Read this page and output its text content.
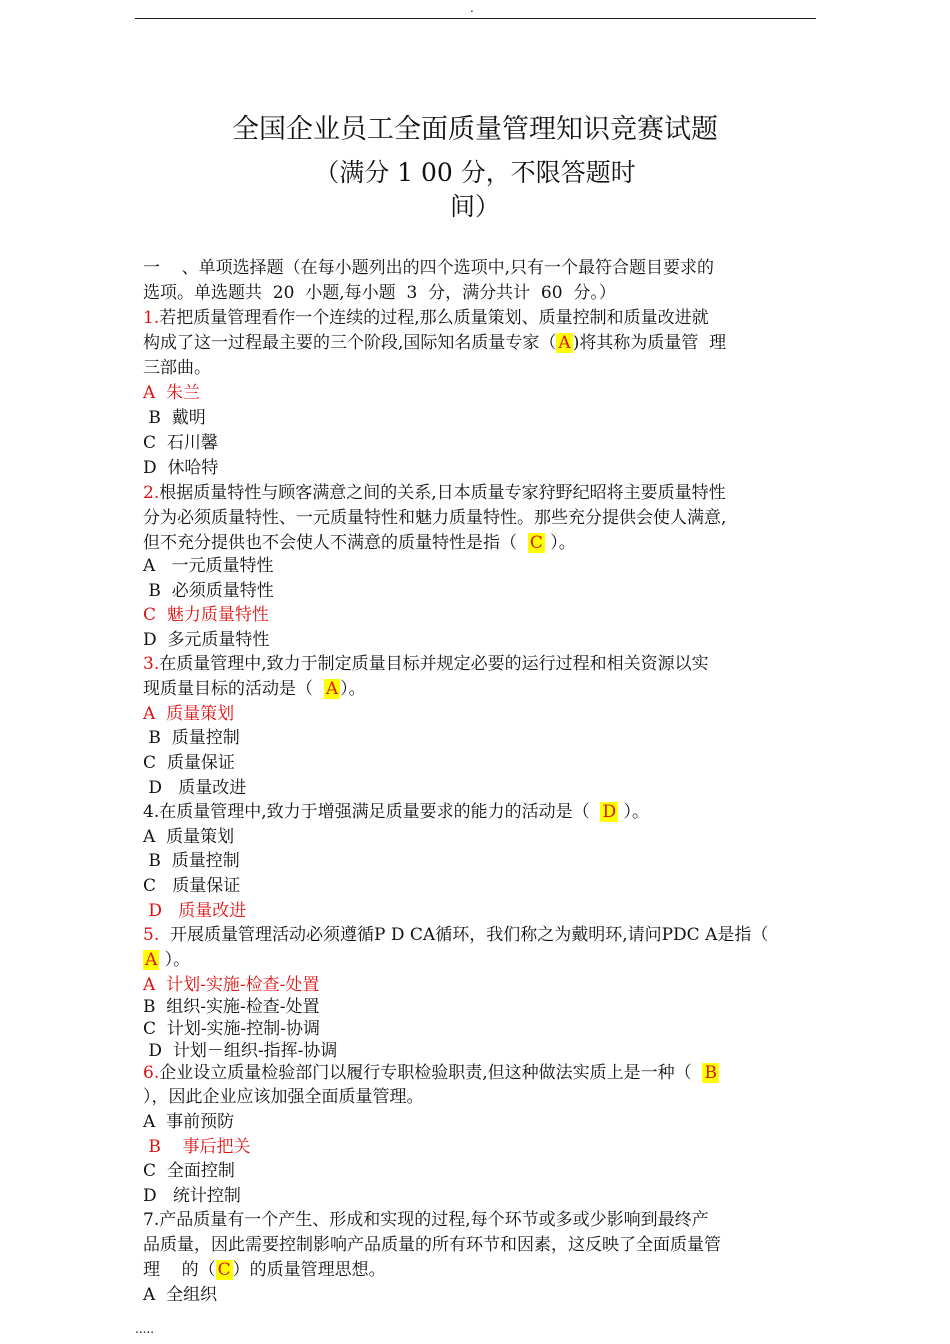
.
全国企业员工全面质量管理知识竞赛试题
（满分 1 00 分，不限答题时
间）
一    、单项选择题（在每小题列出的四个选项中,只有一个最符合题目要求的
选项。单选题共  20  小题,每小题  3  分，满分共计  60  分。）
1.若把质量管理看作一个连续的过程,那么质量策划、质量控制和质量改进就
构成了这一过程最主要的三个阶段,国际知名质量专家（ A )将其称为质量管  理
三部曲。
A  朱兰
B  戴明
C  石川馨
D  休哈特
2.根据质量特性与顾客满意之间的关系,日本质量专家狩野纪昭将主要质量特性
分为必须质量特性、一元质量特性和魅力质量特性。那些充分提供会使人满意,
但不充分提供也不会使人不满意的质量特性是指（  C ）。
A   一元质量特性
B  必须质量特性
C  魅力质量特性
D  多元质量特性
3.在质量管理中,致力于制定质量目标并规定必要的运行过程和相关资源以实
现质量目标的活动是（  A ）。
A  质量策划
B  质量控制
C  质量保证
D   质量改进
4.在质量管理中,致力于增强满足质量要求的能力的活动是（  D ）。
A  质量策划
B  质量控制
C   质量保证
D   质量改进
5.  开展质量管理活动必须遵循P D CA循环，我们称之为戴明环,请问PDC A是指（
A ）。
A  计划-实施-检查-处置
B  组织-实施-检查-处置
C  计划-实施-控制-协调
D  计划－组织-指挥-协调
6.企业设立质量检验部门以履行专职检验职责,但这种做法实质上是一种（  B
），因此企业应该加强全面质量管理。
A  事前预防
B    事后把关
C  全面控制
D   统计控制
7.产品质量有一个产生、形成和实现的过程,每个环节或多或少影响到最终产
品质量，因此需要控制影响产品质量的所有环节和因素，这反映了全面质量管
理    的（ C ）的质量管理思想。
A  全组织
.....
